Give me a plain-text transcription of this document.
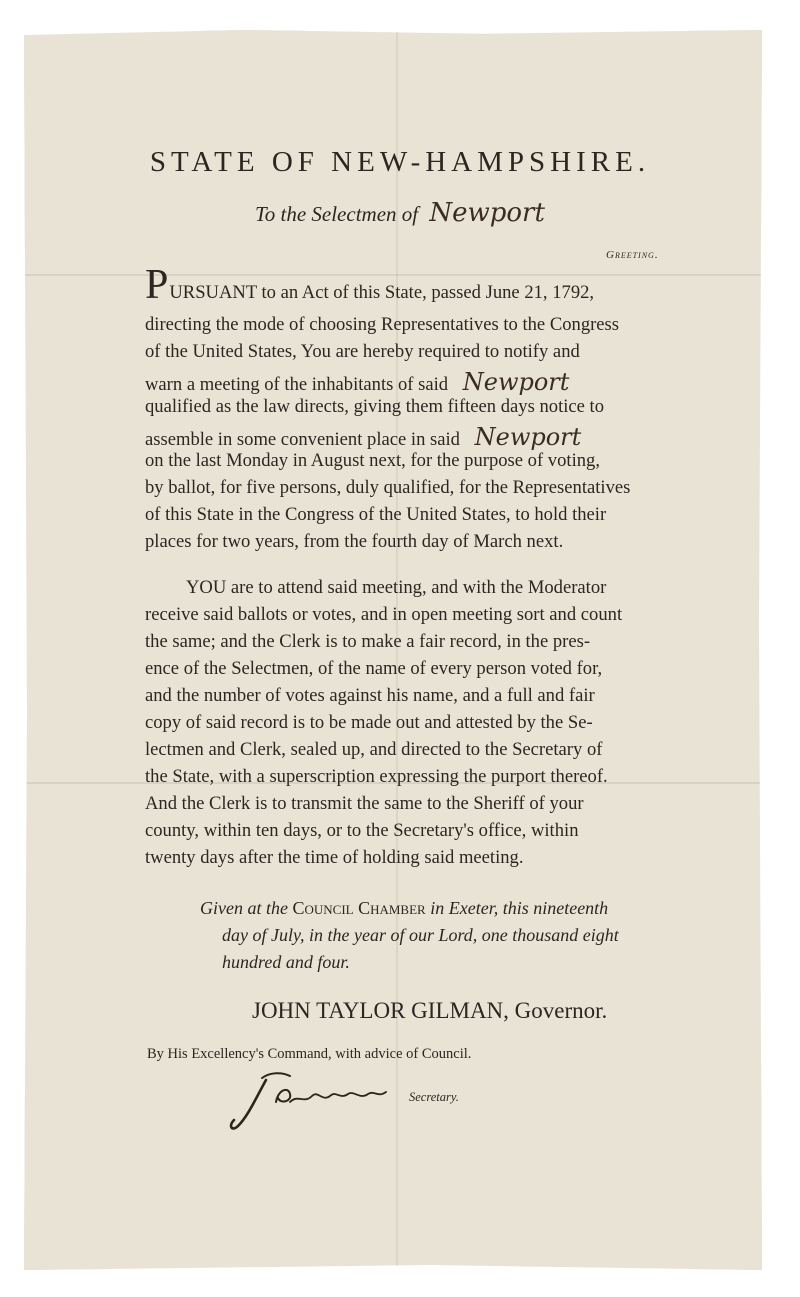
STATE OF NEW-HAMPSHIRE.
To the Selectmen of Newport
Greeting.
PURSUANT to an Act of this State, passed June 21, 1792,
directing the mode of choosing Representatives to the Congress
of the United States, You are hereby required to notify and
warn a meeting of the inhabitants of said Newport
qualified as the law directs, giving them fifteen days notice to
assemble in some convenient place in said Newport
on the last Monday in August next, for the purpose of voting,
by ballot, for five persons, duly qualified, for the Representatives
of this State in the Congress of the United States, to hold their
places for two years, from the fourth day of March next.
YOU are to attend said meeting, and with the Moderator
receive said ballots or votes, and in open meeting sort and count
the same; and the Clerk is to make a fair record, in the pres-
ence of the Selectmen, of the name of every person voted for,
and the number of votes against his name, and a full and fair
copy of said record is to be made out and attested by the Se-
lectmen and Clerk, sealed up, and directed to the Secretary of
the State, with a superscription expressing the purport thereof.
And the Clerk is to transmit the same to the Sheriff of your
county, within ten days, or to the Secretary's office, within
twenty days after the time of holding said meeting.
Given at the Council Chamber in Exeter, this nineteenth
day of July, in the year of our Lord, one thousand eight
hundred and four.
JOHN TAYLOR GILMAN, Governor.
By His Excellency's Command, with advice of Council.
Secretary.
